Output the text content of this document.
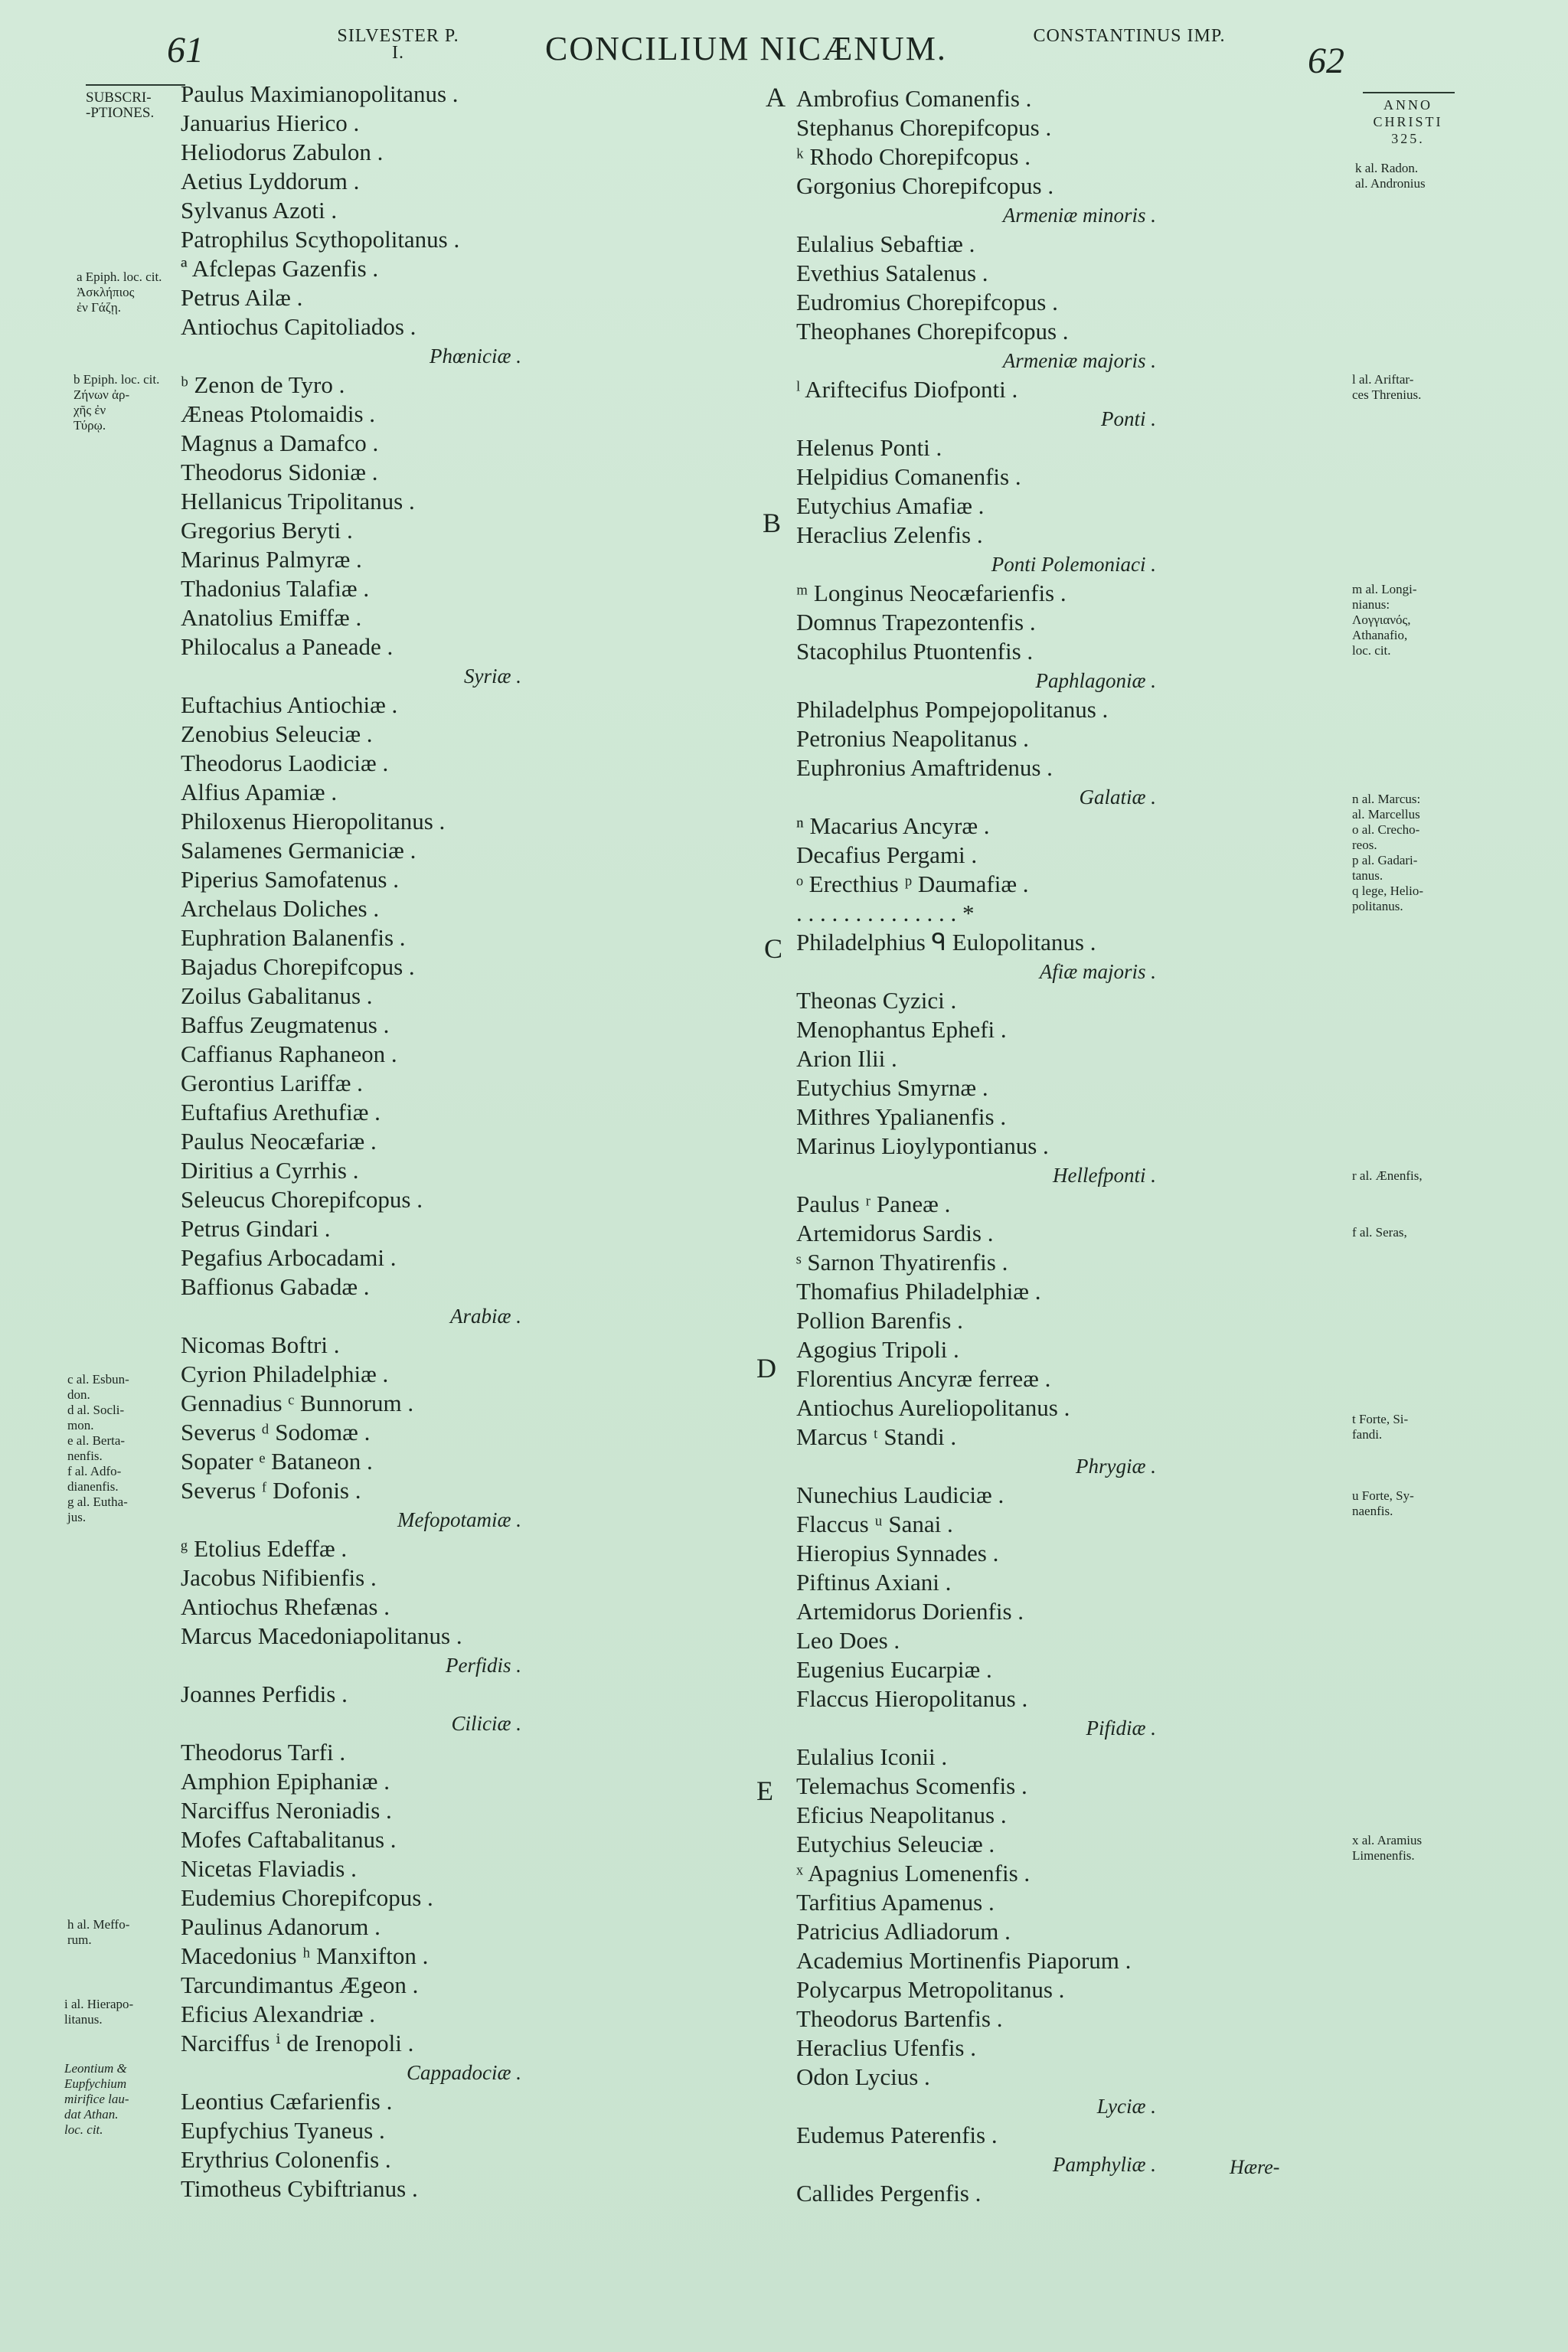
61	SILVESTER P. I.	CONCILIUM NICÆNUM.	CONSTANTINUS IMP.
62
Paulus Maximianopolitanus .
Januarius Hierico .
Heliodorus Zabulon .
Aetius Lyddorum .
Sylvanus Azoti .
Patrophilus Scythopolitanus .
ª Afclepas Gazenfis .
Petrus Ailæ .
Antiochus Capitoliados .
Phœniciæ .
ᵇ Zenon de Tyro .
Æneas Ptolomaidis .
Magnus a Damafco .
Theodorus Sidoniæ .
Hellanicus Tripolitanus .
Gregorius Beryti .
Marinus Palmyræ .
Thadonius Talafiæ .
Anatolius Emiffæ .
Philocalus a Paneade .
Syriæ .
Euftachius Antiochiæ .
Zenobius Seleuciæ .
Theodorus Laodiciæ .
Alfius Apamiæ .
Philoxenus Hieropolitanus .
Salamenes Germaniciæ .
Piperius Samofatenus .
Archelaus Doliches .
Euphration Balanenfis .
Bajadus Chorepifcopus .
Zoilus Gabalitanus .
Baffus Zeugmatenus .
Caffianus Raphaneon .
Gerontius Lariffæ .
Euftafius Arethufiæ .
Paulus Neocæfariæ .
Diritius a Cyrrhis .
Seleucus Chorepifcopus .
Petrus Gindari .
Pegafius Arbocadami .
Baffionus Gabadæ .
Arabiæ .
Nicomas Boftri .
Cyrion Philadelphiæ .
Gennadius ᶜ Bunnorum .
Severus ᵈ Sodomæ .
Sopater ᵉ Bataneon .
Severus ᶠ Dofonis .
Mefopotamiæ .
ᵍ Etolius Edeffæ .
Jacobus Nifibienfis .
Antiochus Rhefænas .
Marcus Macedoniapolitanus .
Perfidis .
Joannes Perfidis .
Ciliciæ .
Theodorus Tarfi .
Amphion Epiphaniæ .
Narciffus Neroniadis .
Mofes Caftabalitanus .
Nicetas Flaviadis .
Eudemius Chorepifcopus .
Paulinus Adanorum .
Macedonius ʰ Manxifton .
Tarcundimantus Ægeon .
Eficius Alexandriæ .
Narciffus ⁱ de Irenopoli .
Cappadociæ .
Leontius Cæfarienfis .
Eupfychius Tyaneus .
Erythrius Colonenfis .
Timotheus Cybiftrianus .
Ambrofius Comanenfis .
Stephanus Chorepifcopus .
ᵏ Rhodo Chorepifcopus .
Gorgonius Chorepifcopus .
Armeniæ minoris .
Eulalius Sebaftiæ .
Evethius Satalenus .
Eudromius Chorepifcopus .
Theophanes Chorepifcopus .
Armeniæ majoris .
ˡ Ariftecifus Diofponti .
Ponti .
Helenus Ponti .
Helpidius Comanenfis .
Eutychius Amafiæ .
Heraclius Zelenfis .
Ponti Polemoniaci .
ᵐ Longinus Neocæfarienfis .
Domnus Trapezontenfis .
Stacophilus Ptuontenfis .
Paphlagoniæ .
Philadelphus Pompejopolitanus .
Petronius Neapolitanus .
Euphronius Amaftridenus .
Galatiæ .
ⁿ Macarius Ancyræ .
Decafius Pergami .
ᵒ Erecthius ᵖ Daumafiæ .
. . . . . . . . . . . . . . *
Philadelphius ᑫ Eulopolitanus .
Afiæ majoris .
Theonas Cyzici .
Menophantus Ephefi .
Arion Ilii .
Eutychius Smyrnæ .
Mithres Ypalianenfis .
Marinus Lioylypontianus .
Hellefponti .
Paulus ʳ Paneæ .
Artemidorus Sardis .
ˢ Sarnon Thyatirenfis .
Thomafius Philadelphiæ .
Pollion Barenfis .
Agogius Tripoli .
Florentius Ancyræ ferreæ .
Antiochus Aureliopolitanus .
Marcus ᵗ Standi .
Phrygiæ .
Nunechius Laudiciæ .
Flaccus ᵘ Sanai .
Hieropius Synnades .
Piftinus Axiani .
Artemidorus Dorienfis .
Leo Does .
Eugenius Eucarpiæ .
Flaccus Hieropolitanus .
Pifidiæ .
Eulalius Iconii .
Telemachus Scomenfis .
Eficius Neapolitanus .
Eutychius Seleuciæ .
ˣ Apagnius Lomenenfis .
Tarfitius Apamenus .
Patricius Adliadorum .
Academius Mortinenfis Piaporum .
Polycarpus Metropolitanus .
Theodorus Bartenfis .
Heraclius Ufenfis .
Odon Lycius .
Lyciæ .
Eudemus Paterenfis .
Pamphyliæ .
Callides Pergenfis .
A
B
C
D
E
SUBSCRI-
-PTIONES.
a Epiph. loc. cit.
Ἀσκλήπιος
ἐν Γάζῃ.
b Epiph. loc. cit.
Ζήνων ἀρ-
χῆς ἐν
Τύρῳ.
c al. Esbun-
don.
d al. Socli-
mon.
e al. Berta-
nenfis.
f al. Adfo-
dianenfis.
g al. Eutha-
jus.
h al. Meffo-
rum.
i al. Hierapo-
litanus.
Leontium &
Eupfychium
mirifice lau-
dat Athan.
loc. cit.
ANNO CHRISTI 325.
k al. Radon.
al. Andronius
l al. Ariftar-
ces Threnius.
m al. Longi-
nianus:
Λογγιανός,
Athanafio,
loc. cit.
n al. Marcus:
al. Marcellus
o al. Crecho-
reos.
p al. Gadari-
tanus.
q lege, Helio-
politanus.
r al. Ænenfis,
f al. Seras,
t Forte, Si-
fandi.
u Forte, Sy-
naenfis.
x al. Aramius
Limenenfis.
Hære-
